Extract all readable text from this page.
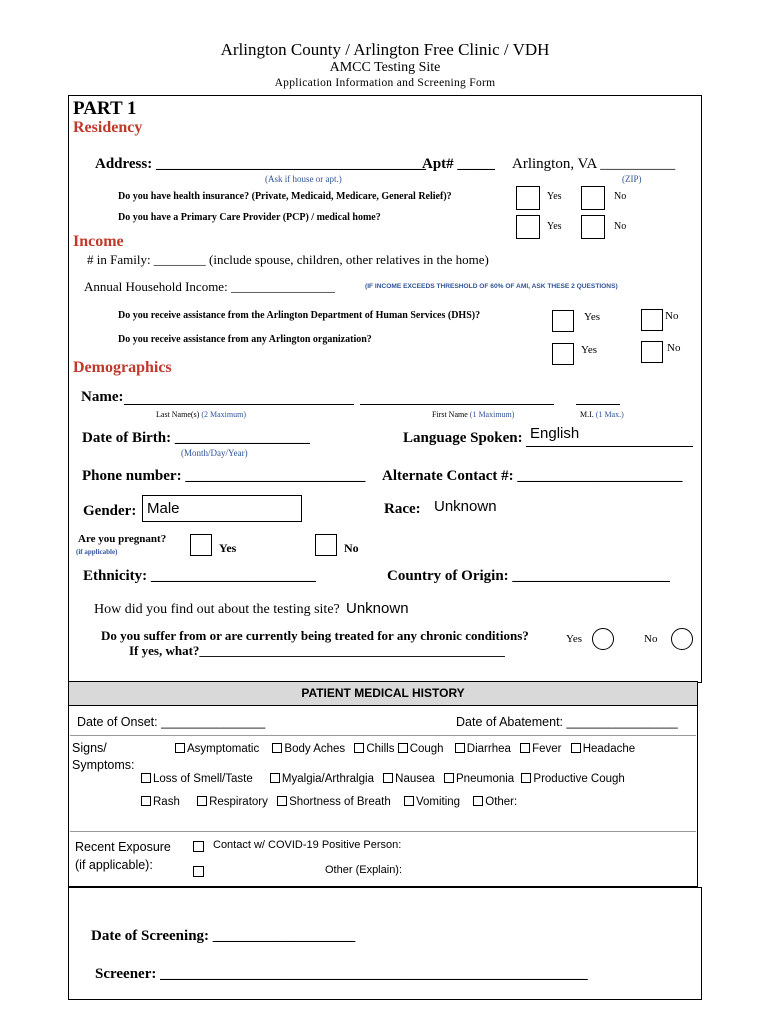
Arlington County / Arlington Free Clinic / VDH
AMCC Testing Site
Application Information and Screening Form
PART 1
Residency
Address: ____________________________________
(Ask if house or apt.)
Apt# _____ Arlington, VA __________
(ZIP)
Do you have health insurance? (Private, Medicaid, Medicare, General Relief)?	Yes	No
Do you have a Primary Care Provider (PCP) / medical home?
Yes	No
Income
# in Family: ________ (include spouse, children, other relatives in the home)
Annual Household Income: ________________	(IF INCOME EXCEEDS THRESHOLD OF 60% OF AMI, ASK THESE 2 QUESTIONS)
Do you receive assistance from the Arlington Department of Human Services (DHS)?	Yes	No
Do you receive assistance from any Arlington organization?
Yes	No
Demographics
Name:
Last Name(s) (2 Maximum)	First Name (1 Maximum)	M.I. (1 Max.)
Date of Birth: __________________
(Month/Day/Year)
Language Spoken: English
Phone number: ________________________ Alternate Contact #: ______________________
Gender: Male	Race: Unknown
Are you pregnant?
(if applicable)	Yes	No
Ethnicity: ______________________	Country of Origin: _____________________
How did you find out about the testing site? Unknown
Do you suffer from or are currently being treated for any chronic conditions?	Yes	No
If yes, what?_______________________________________________
PATIENT MEDICAL HISTORY
Date of Onset: _______________	Date of Abatement: ________________
Signs/
Symptoms:
Asymptomatic Body Aches Chills Cough Diarrhea Fever Headache
Loss of Smell/Taste	Myalgia/Arthralgia Nausea Pneumonia Productive Cough
Rash	Respiratory Shortness of Breath Vomiting Other:
Recent Exposure
(if applicable):
Contact w/ COVID-19 Positive Person:
Other (Explain):
Date of Screening: ___________________
Screener: _________________________________________________________
